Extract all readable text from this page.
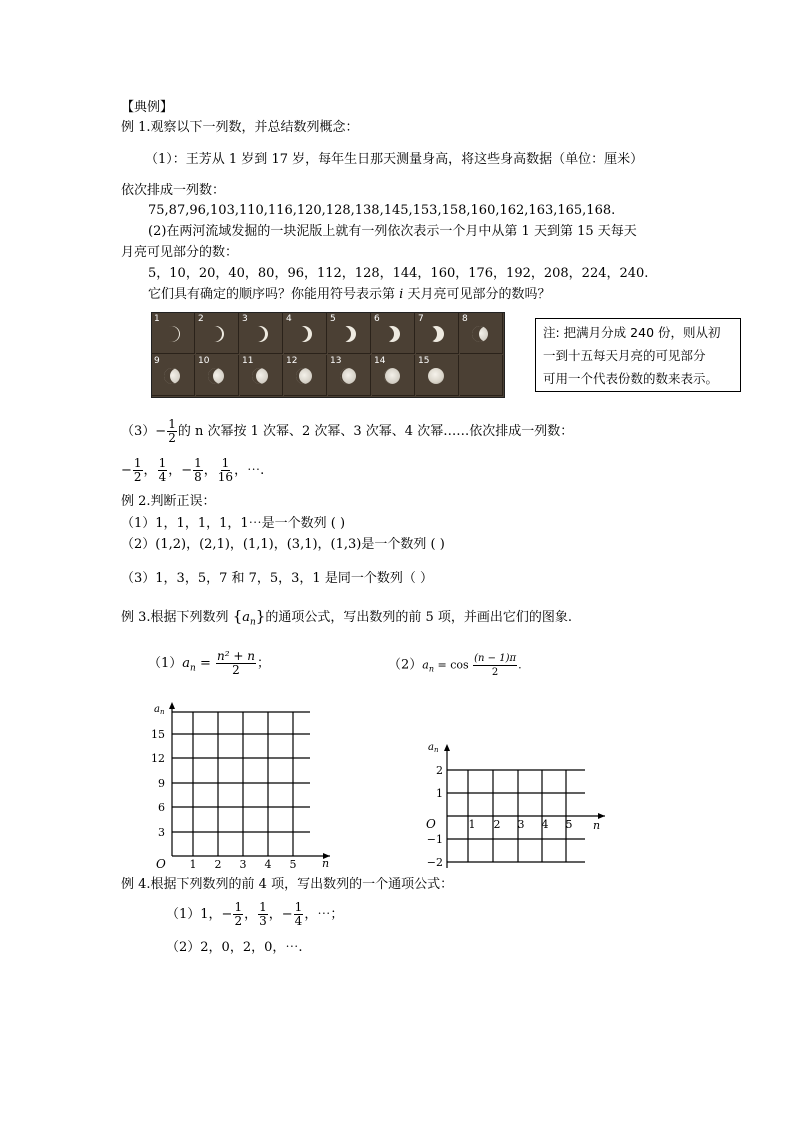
【典例】
例 1.观察以下一列数，并总结数列概念：
（1）：王芳从 1 岁到 17 岁，每年生日那天测量身高，将这些身高数据（单位：厘米）
依次排成一列数：
75,87,96,103,110,116,120,128,138,145,153,158,160,162,163,165,168.
(2)在两河流域发掘的一块泥版上就有一列依次表示一个月中从第 1 天到第 15 天每天
月亮可见部分的数：
5，10，20，40，80，96，112，128，144，160，176，192，208，224，240.
它们具有确定的顺序吗？你能用符号表示第 i 天月亮可见部分的数吗？
1	2	3	4	5	6	7	8
9	10	11	12	13	14	15
注: 把满月分成 240 份，则从初
一到十五每天月亮的可见部分
可用一个代表份数的数来表示。
$(3)- \frac{1}{2}$ 的 n 次幂按 1 次幂、2 次幂、3 次幂、4 次幂……依次排成一列数：
− $\frac{1}{2}$ ， $\frac{1}{4}$ ，− $\frac{1}{8}$ ， $\frac{1}{16}$ ，⋯.
例 2.判断正误：
（1）1，1，1，1，1⋯是一个数列 ( )
（2）(1,2)，(2,1)，(1,1)，(3,1)，(1,3)是一个数列 ( )
（3）1，3，5，7 和 7，5，3，1 是同一个数列（ ）
例 3.根据下列数列 $\{a_n\}$的通项公式，写出数列的前 5 项，并画出它们的图象.
$(1)a_n = \frac{\text{n² + n}}{2}$ ；	$(2)a_n = \cos \frac{(n - 1)\pi}{2}$ .
$a_n$
n
O
15
12
9
6
3
1 2 3 4 5
$a_n$
n
O
2
1
−1
−2
1 2 3 4 5
例 4.根据下列数列的前 4 项，写出数列的一个通项公式：
（1）1，− $\frac{1}{2}$ ， $\frac{1}{3}$ ，− $\frac{1}{4}$ ，⋯；
（2）2，0，2，0，⋯.
